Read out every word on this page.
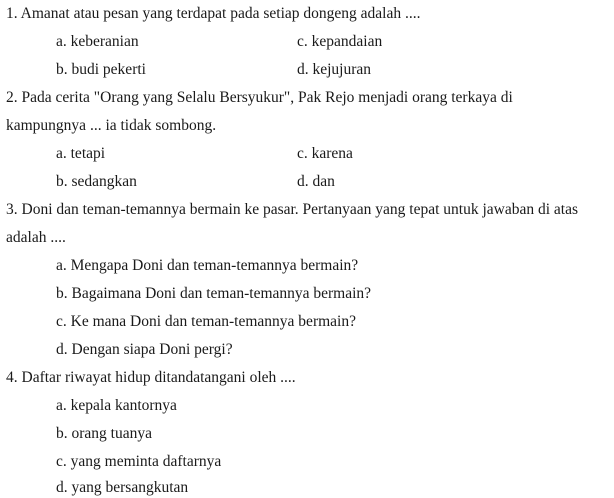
1. Amanat atau pesan yang terdapat pada setiap dongeng adalah ....
a. keberanian	c. kepandaian
b. budi pekerti	d. kejujuran
2. Pada cerita "Orang yang Selalu Bersyukur", Pak Rejo menjadi orang terkaya di
kampungnya ... ia tidak sombong.
a. tetapi	c. karena
b. sedangkan	d. dan
3. Doni dan teman-temannya bermain ke pasar. Pertanyaan yang tepat untuk jawaban di atas
adalah ....
a. Mengapa Doni dan teman-temannya bermain?
b. Bagaimana Doni dan teman-temannya bermain?
c. Ke mana Doni dan teman-temannya bermain?
d. Dengan siapa Doni pergi?
4. Daftar riwayat hidup ditandatangani oleh ....
a. kepala kantornya
b. orang tuanya
c. yang meminta daftarnya
d. yang bersangkutan
